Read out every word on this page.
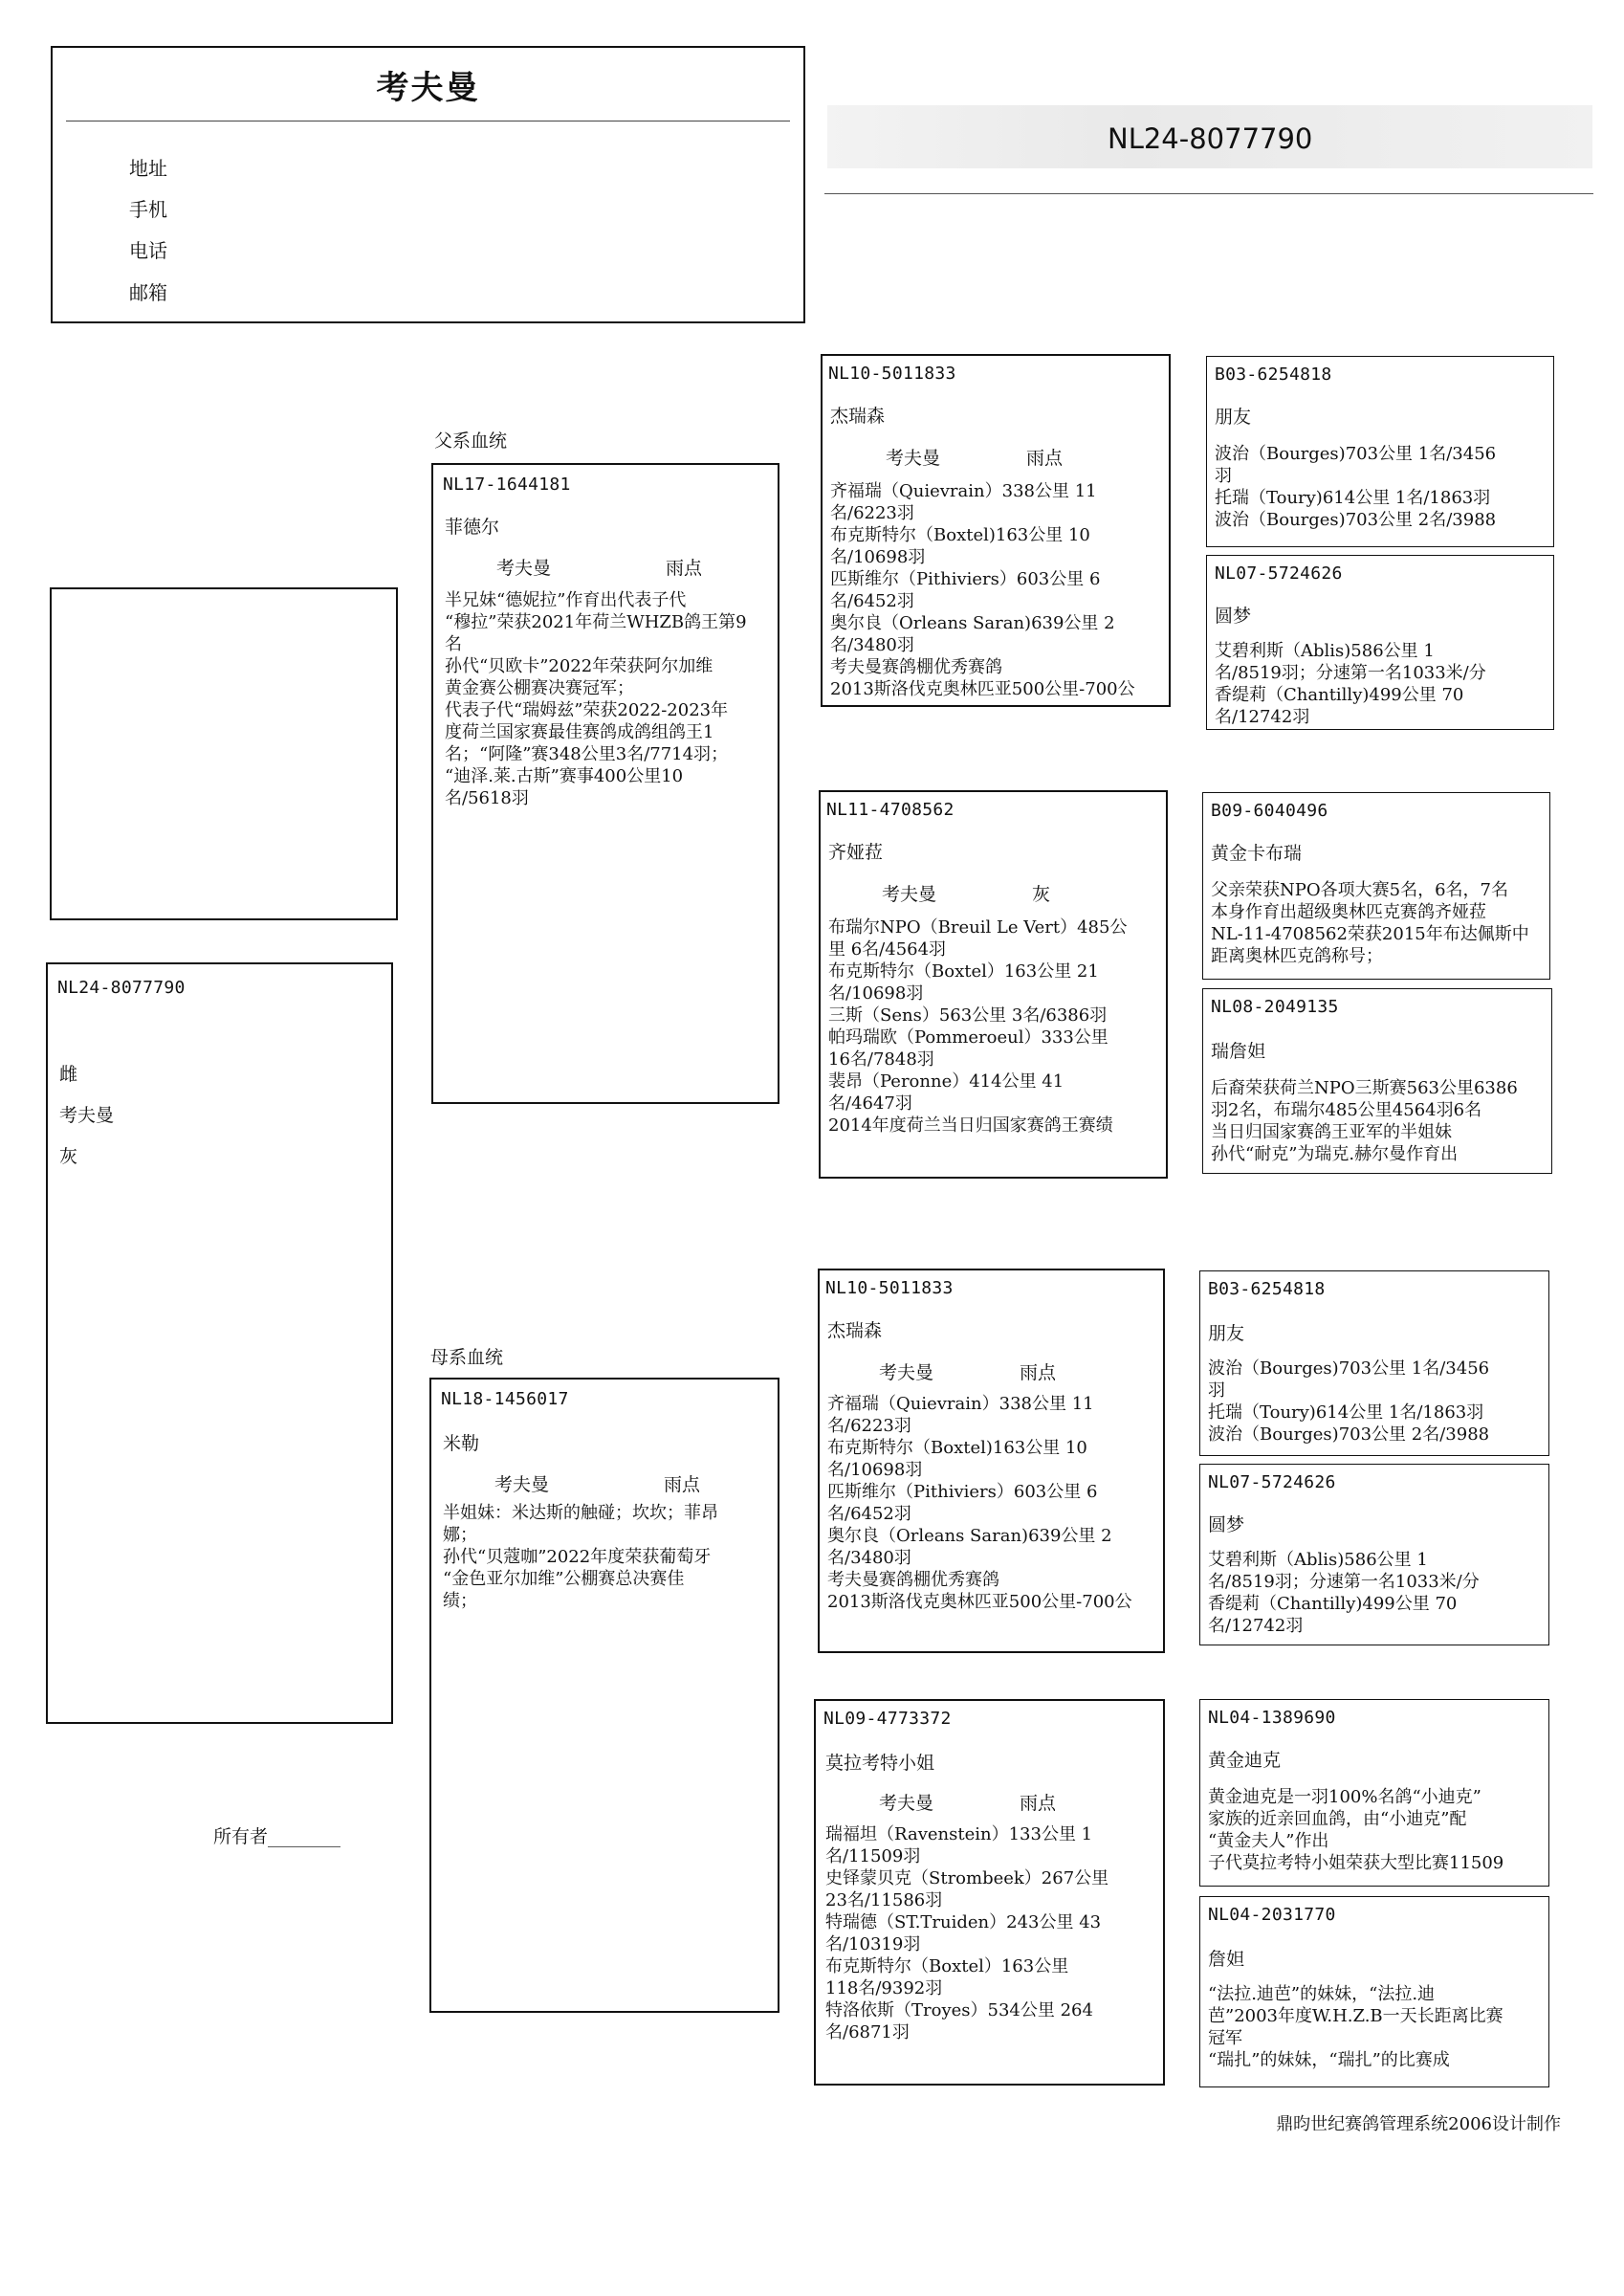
考夫曼
地址
手机
电话
邮箱
NL24-8077790
NL24-8077790
雌
考夫曼
灰
所有者________
父系血统
母系血统
NL17-1644181
菲德尔
考夫曼	雨点
半兄妹“德妮拉”作育出代表子代
“穆拉”荣获2021年荷兰WHZB鸽王第9
名
孙代“贝欧卡”2022年荣获阿尔加维
黄金赛公棚赛决赛冠军；
代表子代“瑞姆兹”荣获2022-2023年
度荷兰国家赛最佳赛鸽成鸽组鸽王1
名；“阿隆”赛348公里3名/7714羽；
“迪泽.莱.古斯”赛事400公里10
名/5618羽
NL18-1456017
米勒
考夫曼	雨点
半姐妹：米达斯的触碰；坎坎；菲昂
娜；
孙代“贝蔻咖”2022年度荣获葡萄牙
“金色亚尔加维”公棚赛总决赛佳
绩；
NL10-5011833
杰瑞森
考夫曼	雨点
齐福瑞（Quievrain）338公里 11
名/6223羽
布克斯特尔（Boxtel)163公里 10
名/10698羽
匹斯维尔（Pithiviers）603公里 6
名/6452羽
奥尔良（Orleans Saran)639公里 2
名/3480羽
考夫曼赛鸽棚优秀赛鸽
2013斯洛伐克奥林匹亚500公里-700公
NL11-4708562
齐娅菈
考夫曼	灰
布瑞尔NPO（Breuil Le Vert）485公
里 6名/4564羽
布克斯特尔（Boxtel）163公里 21
名/10698羽
三斯（Sens）563公里 3名/6386羽
帕玛瑞欧（Pommeroeul）333公里
16名/7848羽
裴昂（Peronne）414公里 41
名/4647羽
2014年度荷兰当日归国家赛鸽王赛绩
NL10-5011833
杰瑞森
考夫曼	雨点
齐福瑞（Quievrain）338公里 11
名/6223羽
布克斯特尔（Boxtel)163公里 10
名/10698羽
匹斯维尔（Pithiviers）603公里 6
名/6452羽
奥尔良（Orleans Saran)639公里 2
名/3480羽
考夫曼赛鸽棚优秀赛鸽
2013斯洛伐克奥林匹亚500公里-700公
NL09-4773372
莫拉考特小姐
考夫曼	雨点
瑞福坦（Ravenstein）133公里 1
名/11509羽
史铎蒙贝克（Strombeek）267公里
23名/11586羽
特瑞德（ST.Truiden）243公里 43
名/10319羽
布克斯特尔（Boxtel）163公里
118名/9392羽
特洛依斯（Troyes）534公里 264
名/6871羽
B03-6254818
朋友
波治（Bourges)703公里 1名/3456
羽
托瑞（Toury)614公里 1名/1863羽
波治（Bourges)703公里 2名/3988
NL07-5724626
圆梦
艾碧利斯（Ablis)586公里 1
名/8519羽；分速第一名1033米/分
香缇莉（Chantilly)499公里 70
名/12742羽
B09-6040496
黄金卡布瑞
父亲荣获NPO各项大赛5名，6名，7名
本身作育出超级奥林匹克赛鸽齐娅菈
NL-11-4708562荣获2015年布达佩斯中
距离奥林匹克鸽称号；
NL08-2049135
瑞詹妲
后裔荣获荷兰NPO三斯赛563公里6386
羽2名，布瑞尔485公里4564羽6名
当日归国家赛鸽王亚军的半姐妹
孙代“耐克”为瑞克.赫尔曼作育出
B03-6254818
朋友
波治（Bourges)703公里 1名/3456
羽
托瑞（Toury)614公里 1名/1863羽
波治（Bourges)703公里 2名/3988
NL07-5724626
圆梦
艾碧利斯（Ablis)586公里 1
名/8519羽；分速第一名1033米/分
香缇莉（Chantilly)499公里 70
名/12742羽
NL04-1389690
黄金迪克
黄金迪克是一羽100%名鸽“小迪克”
家族的近亲回血鸽，由“小迪克”配
“黄金夫人”作出
子代莫拉考特小姐荣获大型比赛11509
NL04-2031770
詹妲
“法拉.迪芭”的妹妹，“法拉.迪
芭”2003年度W.H.Z.B一天长距离比赛
冠军
“瑞扎”的妹妹，“瑞扎”的比赛成
鼎昀世纪赛鸽管理系统2006设计制作
